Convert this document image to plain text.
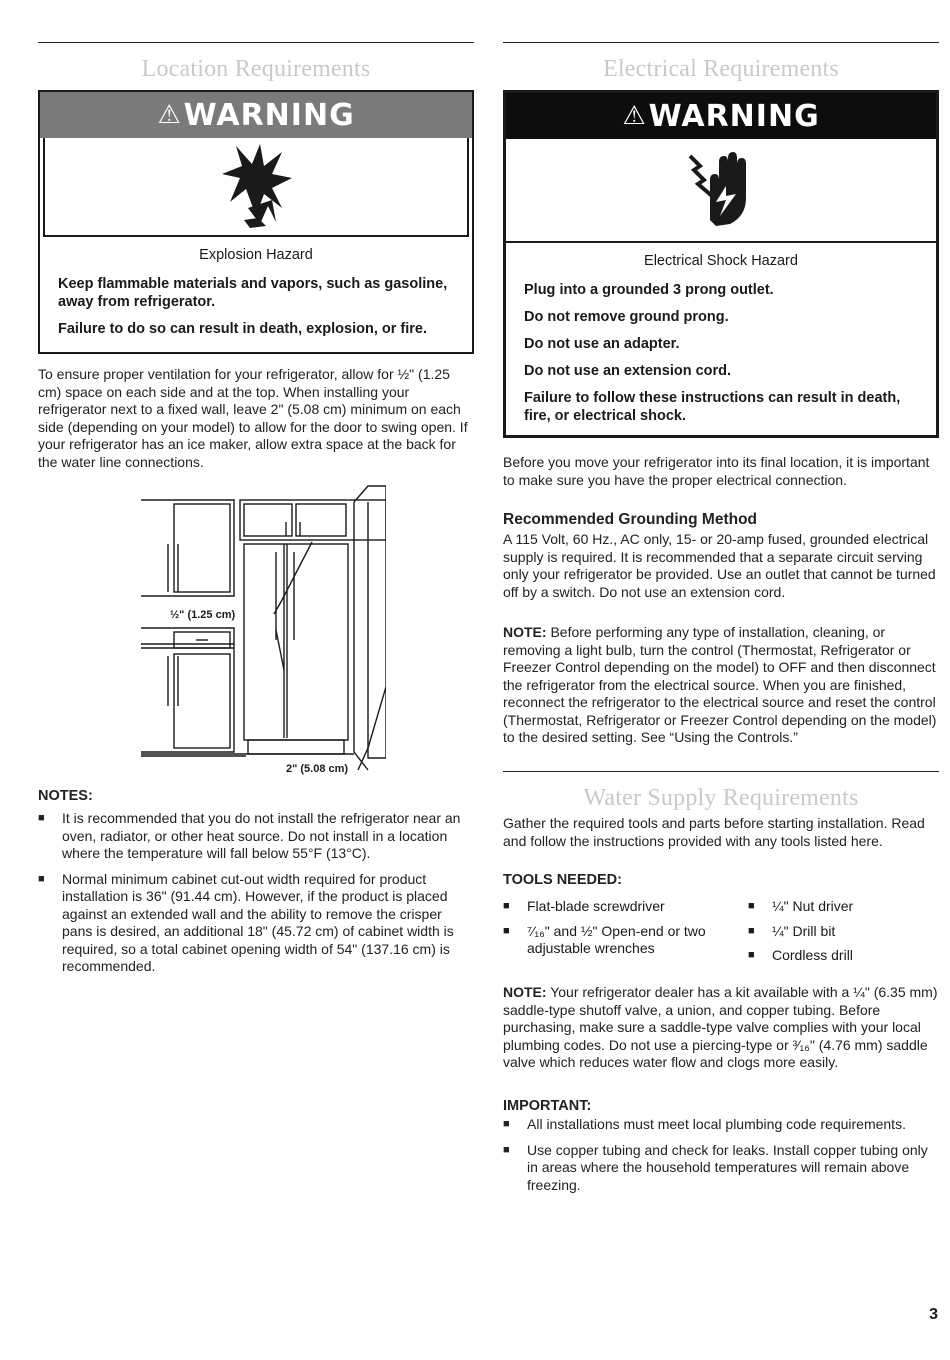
Location Requirements
⚠ WARNING
Explosion Hazard

Keep flammable materials and vapors, such as gasoline, away from refrigerator.

Failure to do so can result in death, explosion, or fire.

To ensure proper ventilation for your refrigerator, allow for ½" (1.25 cm) space on each side and at the top. When installing your refrigerator next to a fixed wall, leave 2" (5.08 cm) minimum on each side (depending on your model) to allow for the door to swing open. If your refrigerator has an ice maker, allow extra space at the back for the water line connections.
½" (1.25 cm)
2" (5.08 cm)
NOTES:
■ It is recommended that you do not install the refrigerator near an oven, radiator, or other heat source. Do not install in a location where the temperature will fall below 55°F (13°C).
■ Normal minimum cabinet cut-out width required for product installation is 36" (91.44 cm). However, if the product is placed against an extended wall and the ability to remove the crisper pans is desired, an additional 18" (45.72 cm) of cabinet width is required, so a total cabinet opening width of 54" (137.16 cm) is recommended.
Electrical Requirements
⚠ WARNING
Electrical Shock Hazard

Plug into a grounded 3 prong outlet.

Do not remove ground prong.

Do not use an adapter.

Do not use an extension cord.

Failure to follow these instructions can result in death, fire, or electrical shock.

Before you move your refrigerator into its final location, it is important to make sure you have the proper electrical connection.
Recommended Grounding Method
A 115 Volt, 60 Hz., AC only, 15- or 20-amp fused, grounded electrical supply is required. It is recommended that a separate circuit serving only your refrigerator be provided. Use an outlet that cannot be turned off by a switch. Do not use an extension cord.
NOTE: Before performing any type of installation, cleaning, or removing a light bulb, turn the control (Thermostat, Refrigerator or Freezer Control depending on the model) to OFF and then disconnect the refrigerator from the electrical source. When you are finished, reconnect the refrigerator to the electrical source and reset the control (Thermostat, Refrigerator or Freezer Control depending on the model) to the desired setting. See “Using the Controls.”
Water Supply Requirements
Gather the required tools and parts before starting installation. Read and follow the instructions provided with any tools listed here.
TOOLS NEEDED:
■ Flat-blade screwdriver
■ ⁷⁄₁₆" and ½" Open-end or two adjustable wrenches
■ ¼" Nut driver
■ ¼" Drill bit
■ Cordless drill
NOTE: Your refrigerator dealer has a kit available with a ¼" (6.35 mm) saddle-type shutoff valve, a union, and copper tubing. Before purchasing, make sure a saddle-type valve complies with your local plumbing codes. Do not use a piercing-type or ³⁄₁₆" (4.76 mm) saddle valve which reduces water flow and clogs more easily.
IMPORTANT:
■ All installations must meet local plumbing code requirements.
■ Use copper tubing and check for leaks. Install copper tubing only in areas where the household temperatures will remain above freezing.
3
